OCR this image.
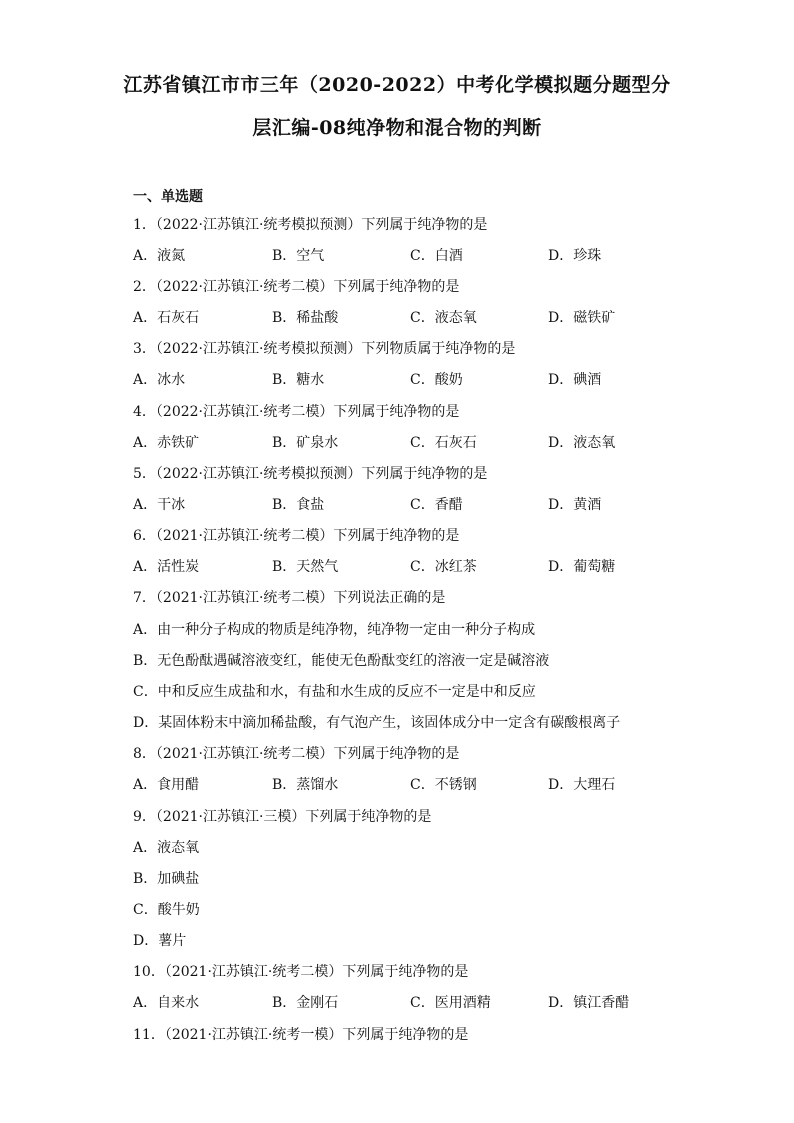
江苏省镇江市市三年（2020-2022）中考化学模拟题分题型分
层汇编-08纯净物和混合物的判断
一、单选题
1．（2022·江苏镇江·统考模拟预测）下列属于纯净物的是
A．液氮	B．空气	C．白酒	D．珍珠
2．（2022·江苏镇江·统考二模）下列属于纯净物的是
A．石灰石	B．稀盐酸	C．液态氧	D．磁铁矿
3．（2022·江苏镇江·统考模拟预测）下列物质属于纯净物的是
A．冰水	B．糖水	C．酸奶	D．碘酒
4．（2022·江苏镇江·统考二模）下列属于纯净物的是
A．赤铁矿	B．矿泉水	C．石灰石	D．液态氧
5．（2022·江苏镇江·统考模拟预测）下列属于纯净物的是
A．干冰	B．食盐	C．香醋	D．黄酒
6．（2021·江苏镇江·统考二模）下列属于纯净物的是
A．活性炭	B．天然气	C．冰红茶	D．葡萄糖
7．（2021·江苏镇江·统考二模）下列说法正确的是
A．由一种分子构成的物质是纯净物，纯净物一定由一种分子构成
B．无色酚酞遇碱溶液变红，能使无色酚酞变红的溶液一定是碱溶液
C．中和反应生成盐和水，有盐和水生成的反应不一定是中和反应
D．某固体粉末中滴加稀盐酸，有气泡产生，该固体成分中一定含有碳酸根离子
8．（2021·江苏镇江·统考二模）下列属于纯净物的是
A．食用醋	B．蒸馏水	C．不锈钢	D．大理石
9．（2021·江苏镇江·三模）下列属于纯净物的是
A．液态氧
B．加碘盐
C．酸牛奶
D．薯片
10．（2021·江苏镇江·统考二模）下列属于纯净物的是
A．自来水	B．金刚石	C．医用酒精	D．镇江香醋
11．（2021·江苏镇江·统考一模）下列属于纯净物的是
